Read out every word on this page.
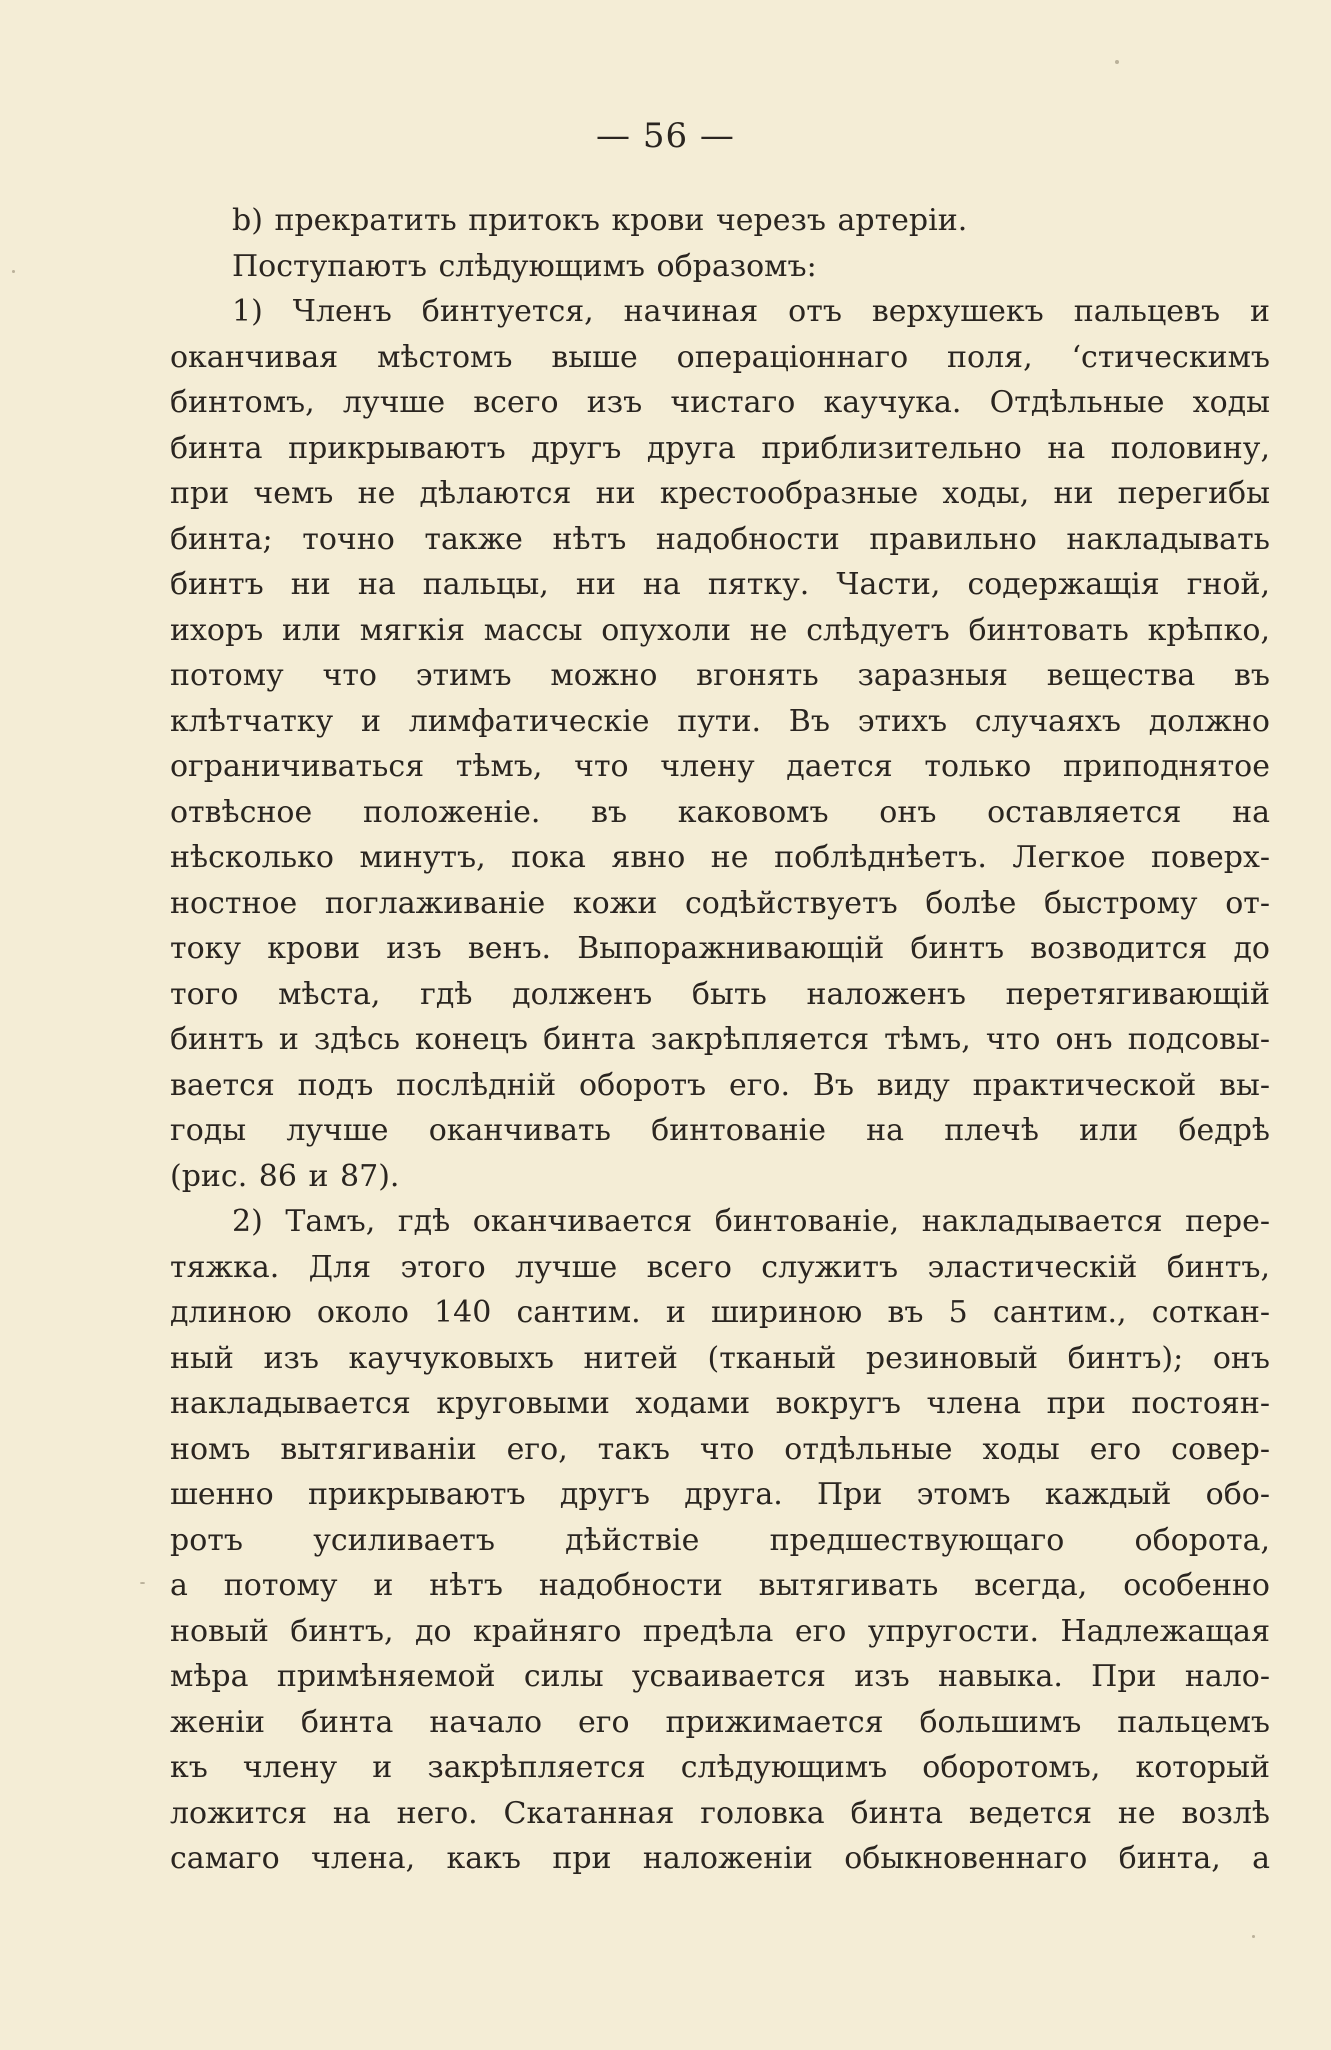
— 56 —
b) прекратить притокъ крови черезъ артеріи.
Поступаютъ слѣдующимъ образомъ:
1) Членъ бинтуется, начиная отъ верхушекъ пальцевъ и
оканчивая мѣстомъ выше операціоннаго поля, ʻстическимъ
бинтомъ, лучше всего изъ чистаго каучука. Отдѣльные ходы
бинта прикрываютъ другъ друга приблизительно на половину,
при чемъ не дѣлаются ни крестообразные ходы, ни перегибы
бинта; точно также нѣтъ надобности правильно накладывать
бинтъ ни на пальцы, ни на пятку. Части, содержащія гной,
ихоръ или мягкія массы опухоли не слѣдуетъ бинтовать крѣпко,
потому что этимъ можно вгонять заразныя вещества въ
клѣтчатку и лимфатическіе пути. Въ этихъ случаяхъ должно
ограничиваться тѣмъ, что члену дается только приподнятое
отвѣсное положеніе. въ каковомъ онъ оставляется на
нѣсколько минутъ, пока явно не поблѣднѣетъ. Легкое поверх-
ностное поглаживаніе кожи содѣйствуетъ болѣе быстрому от-
току крови изъ венъ. Выпоражнивающій бинтъ возводится до
того мѣста, гдѣ долженъ быть наложенъ перетягивающій
бинтъ и здѣсь конецъ бинта закрѣпляется тѣмъ, что онъ подсовы-
вается подъ послѣдній оборотъ его. Въ виду практической вы-
годы лучше оканчивать бинтованіе на плечѣ или бедрѣ
(рис. 86 и 87).
2) Тамъ, гдѣ оканчивается бинтованіе, накладывается пере-
тяжка. Для этого лучше всего служитъ эластическій бинтъ,
длиною около 140 сантим. и шириною въ 5 сантим., соткан-
ный изъ каучуковыхъ нитей (тканый резиновый бинтъ); онъ
накладывается круговыми ходами вокругъ члена при постоян-
номъ вытягиваніи его, такъ что отдѣльные ходы его совер-
шенно прикрываютъ другъ друга. При этомъ каждый обо-
ротъ усиливаетъ дѣйствіе предшествующаго оборота,
а потому и нѣтъ надобности вытягивать всегда, особенно
новый бинтъ, до крайняго предѣла его упругости. Надлежащая
мѣра примѣняемой силы усваивается изъ навыка. При нало-
женіи бинта начало его прижимается большимъ пальцемъ
къ члену и закрѣпляется слѣдующимъ оборотомъ, который
ложится на него. Скатанная головка бинта ведется не возлѣ
самаго члена, какъ при наложеніи обыкновеннаго бинта, а
